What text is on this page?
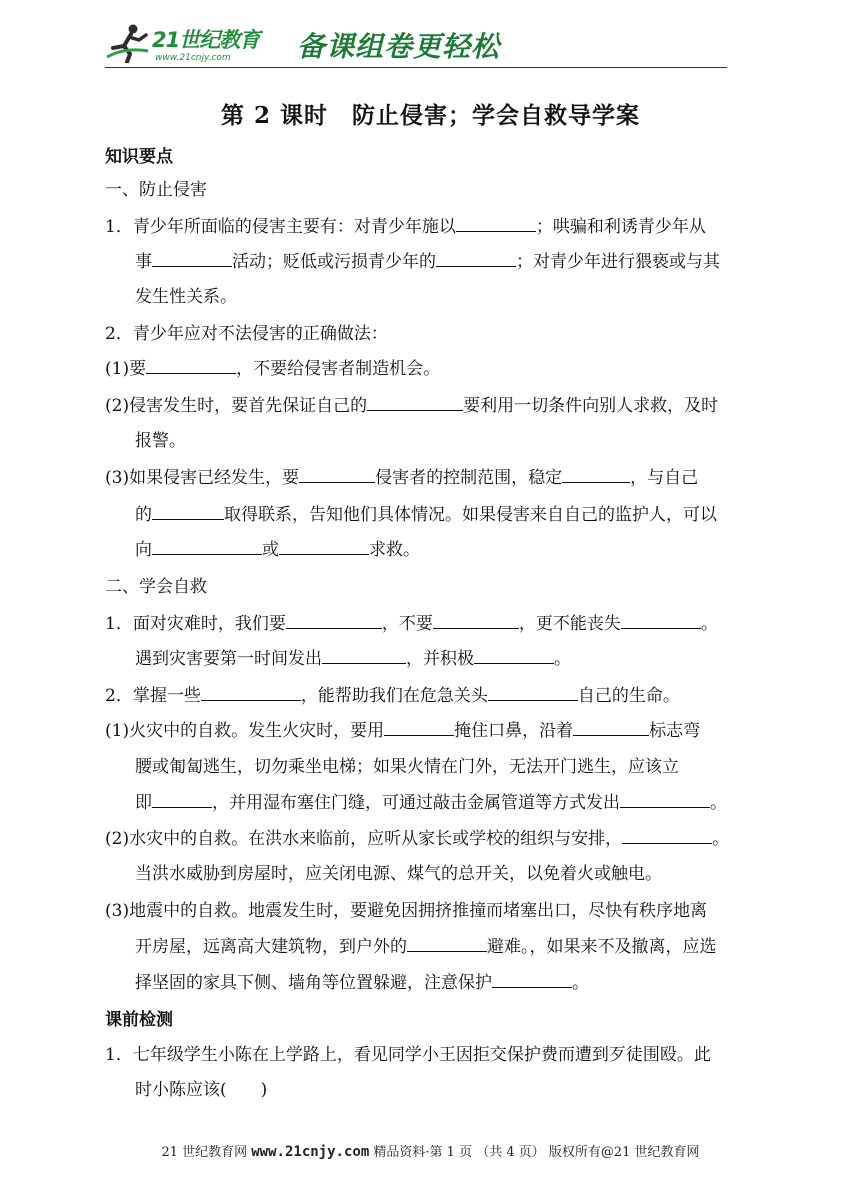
21世纪教育
www.21cnjy.com 备课组卷更轻松
第 2 课时　防止侵害；学会自救导学案
知识要点
一、防止侵害
1．青少年所面临的侵害主要有：对青少年施以	；哄骗和利诱青少年从
事	活动；贬低或污损青少年的	；对青少年进行猥亵或与其
发生性关系。
2．青少年应对不法侵害的正确做法：
(1)要	，不要给侵害者制造机会。
(2)侵害发生时，要首先保证自己的	要利用一切条件向别人求救，及时
报警。
(3)如果侵害已经发生，要	侵害者的控制范围，稳定	，与自己
的	取得联系，告知他们具体情况。如果侵害来自自己的监护人，可以
向	或	求救。
二、学会自救
1．面对灾难时，我们要	，不要	，更不能丧失	。
遇到灾害要第一时间发出	，并积极	。
2．掌握一些	，能帮助我们在危急关头	自己的生命。
(1)火灾中的自救。发生火灾时，要用	掩住口鼻，沿着	标志弯
腰或匍匐逃生，切勿乘坐电梯；如果火情在门外，无法开门逃生，应该立
即	，并用湿布塞住门缝，可通过敲击金属管道等方式发出	。
(2)水灾中的自救。在洪水来临前，应听从家长或学校的组织与安排，	。
当洪水威胁到房屋时，应关闭电源、煤气的总开关，以免着火或触电。
(3)地震中的自救。地震发生时，要避免因拥挤推撞而堵塞出口，尽快有秩序地离
开房屋，远离高大建筑物，到户外的	避难。，如果来不及撤离，应选
择坚固的家具下侧、墙角等位置躲避，注意保护	。
课前检测
1．七年级学生小陈在上学路上，看见同学小王因拒交保护费而遭到歹徒围殴。此
时小陈应该(　　)
21 世纪教育网 www.21cnjy.com 精品资料·第 1 页 （共 4 页） 版权所有@21 世纪教育网
